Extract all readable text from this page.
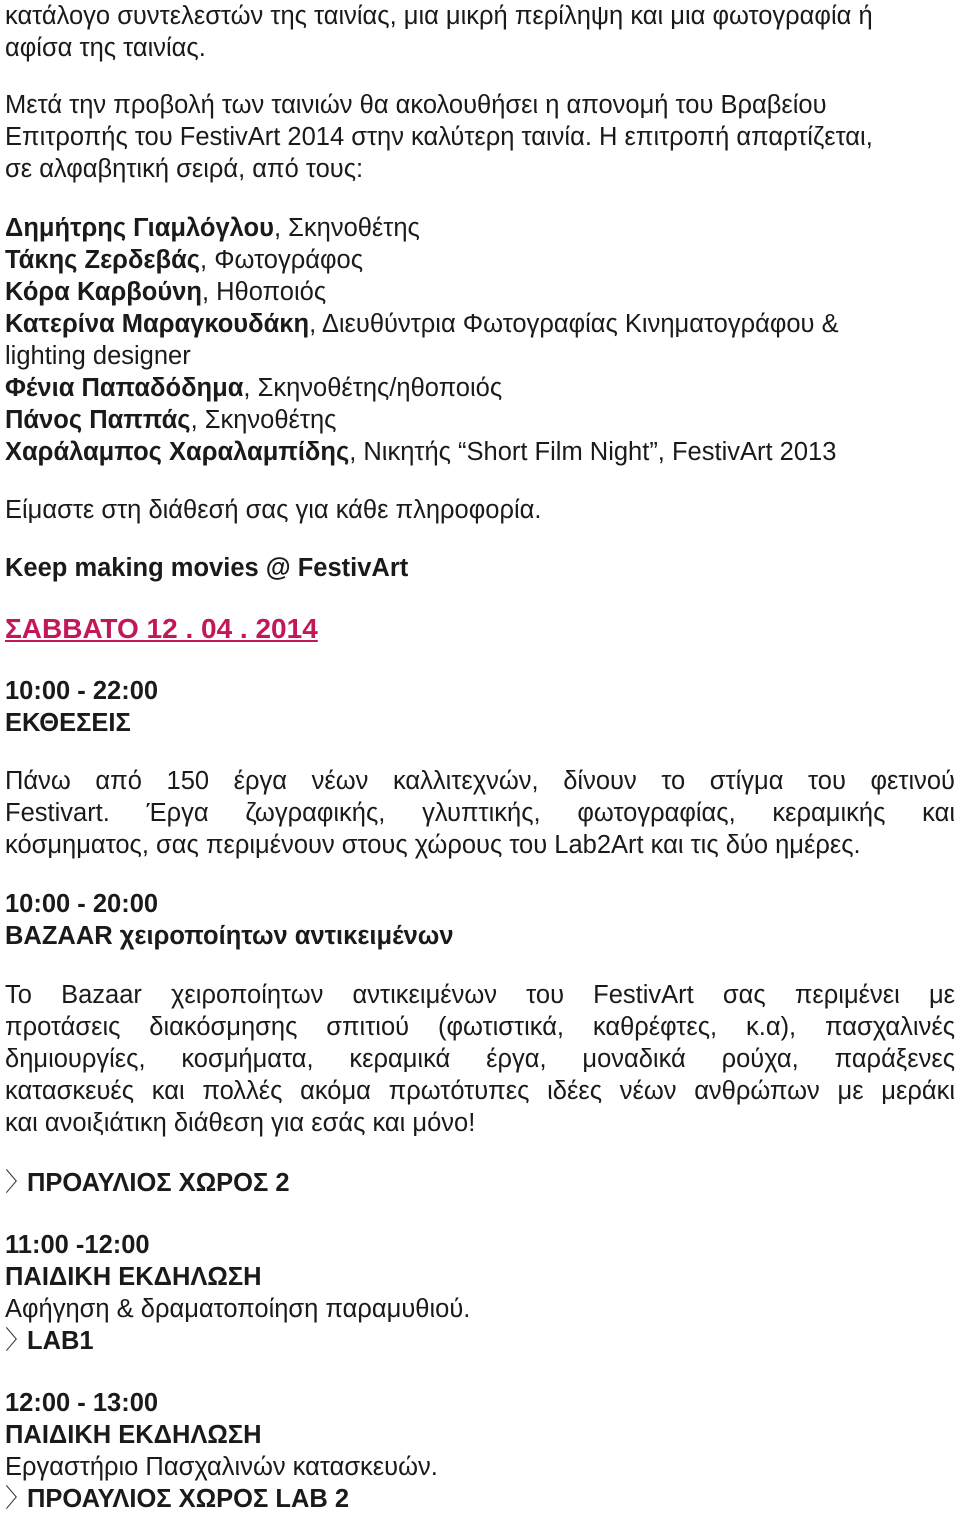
κατάλογο συντελεστών της ταινίας, μια μικρή περίληψη και μια φωτογραφία ή

αφίσα της ταινίας.

Μετά την προβολή των ταινιών θα ακολουθήσει η απονομή του Βραβείου

Επιτροπής του FestivArt 2014 στην καλύτερη ταινία. Η επιτροπή απαρτίζεται,

σε αλφαβητική σειρά, από τους:

Δημήτρης Γιαμλόγλου, Σκηνοθέτης

Τάκης Ζερδεβάς, Φωτογράφος

Κόρα Καρβούνη, Ηθοποιός

Κατερίνα Μαραγκουδάκη, Διευθύντρια Φωτογραφίας Κινηματογράφου &

lighting designer

Φένια Παπαδόδημα, Σκηνοθέτης/ηθοποιός

Πάνος Παππάς, Σκηνοθέτης

Χαράλαμπος Χαραλαμπίδης, Νικητής “Short Film Night”, FestivArt 2013

Είμαστε στη διάθεσή σας για κάθε πληροφορία.

Keep making movies @ FestivArt

ΣΑΒΒΑΤΟ 12 . 04 . 2014

10:00 - 22:00

ΕΚΘΕΣΕΙΣ

Πάνω από 150 έργα νέων καλλιτεχνών, δίνουν το στίγμα του φετινού

Festivart. Έργα ζωγραφικής, γλυπτικής, φωτογραφίας, κεραμικής και

κόσμηματος, σας περιμένουν στους χώρους του Lab2Art και τις δύο ημέρες.

10:00 - 20:00

BAZAAR χειροποίητων αντικειμένων

Το Bazaar χειροποίητων αντικειμένων του FestivArt σας περιμένει με

προτάσεις διακόσμησης σπιτιού (φωτιστικά, καθρέφτες, κ.α), πασχαλινές

δημιουργίες, κοσμήματα, κεραμικά έργα, μοναδικά ρούχα, παράξενες

κατασκευές και πολλές ακόμα πρωτότυπες ιδέες νέων ανθρώπων με μεράκι

και ανοιξιάτικη διάθεση για εσάς και μόνο!

〉
ΠΡΟΑΥΛΙΟΣ ΧΩΡΟΣ 2

11:00 -12:00

ΠΑΙΔΙΚΗ ΕΚΔΗΛΩΣΗ

Αφήγηση & δραματοποίηση παραμυθιού.

〉
LAB1

12:00 - 13:00

ΠΑΙΔΙΚΗ ΕΚΔΗΛΩΣΗ

Εργαστήριο Πασχαλινών κατασκευών.

〉
ΠΡΟΑΥΛΙΟΣ ΧΩΡΟΣ LAB 2
